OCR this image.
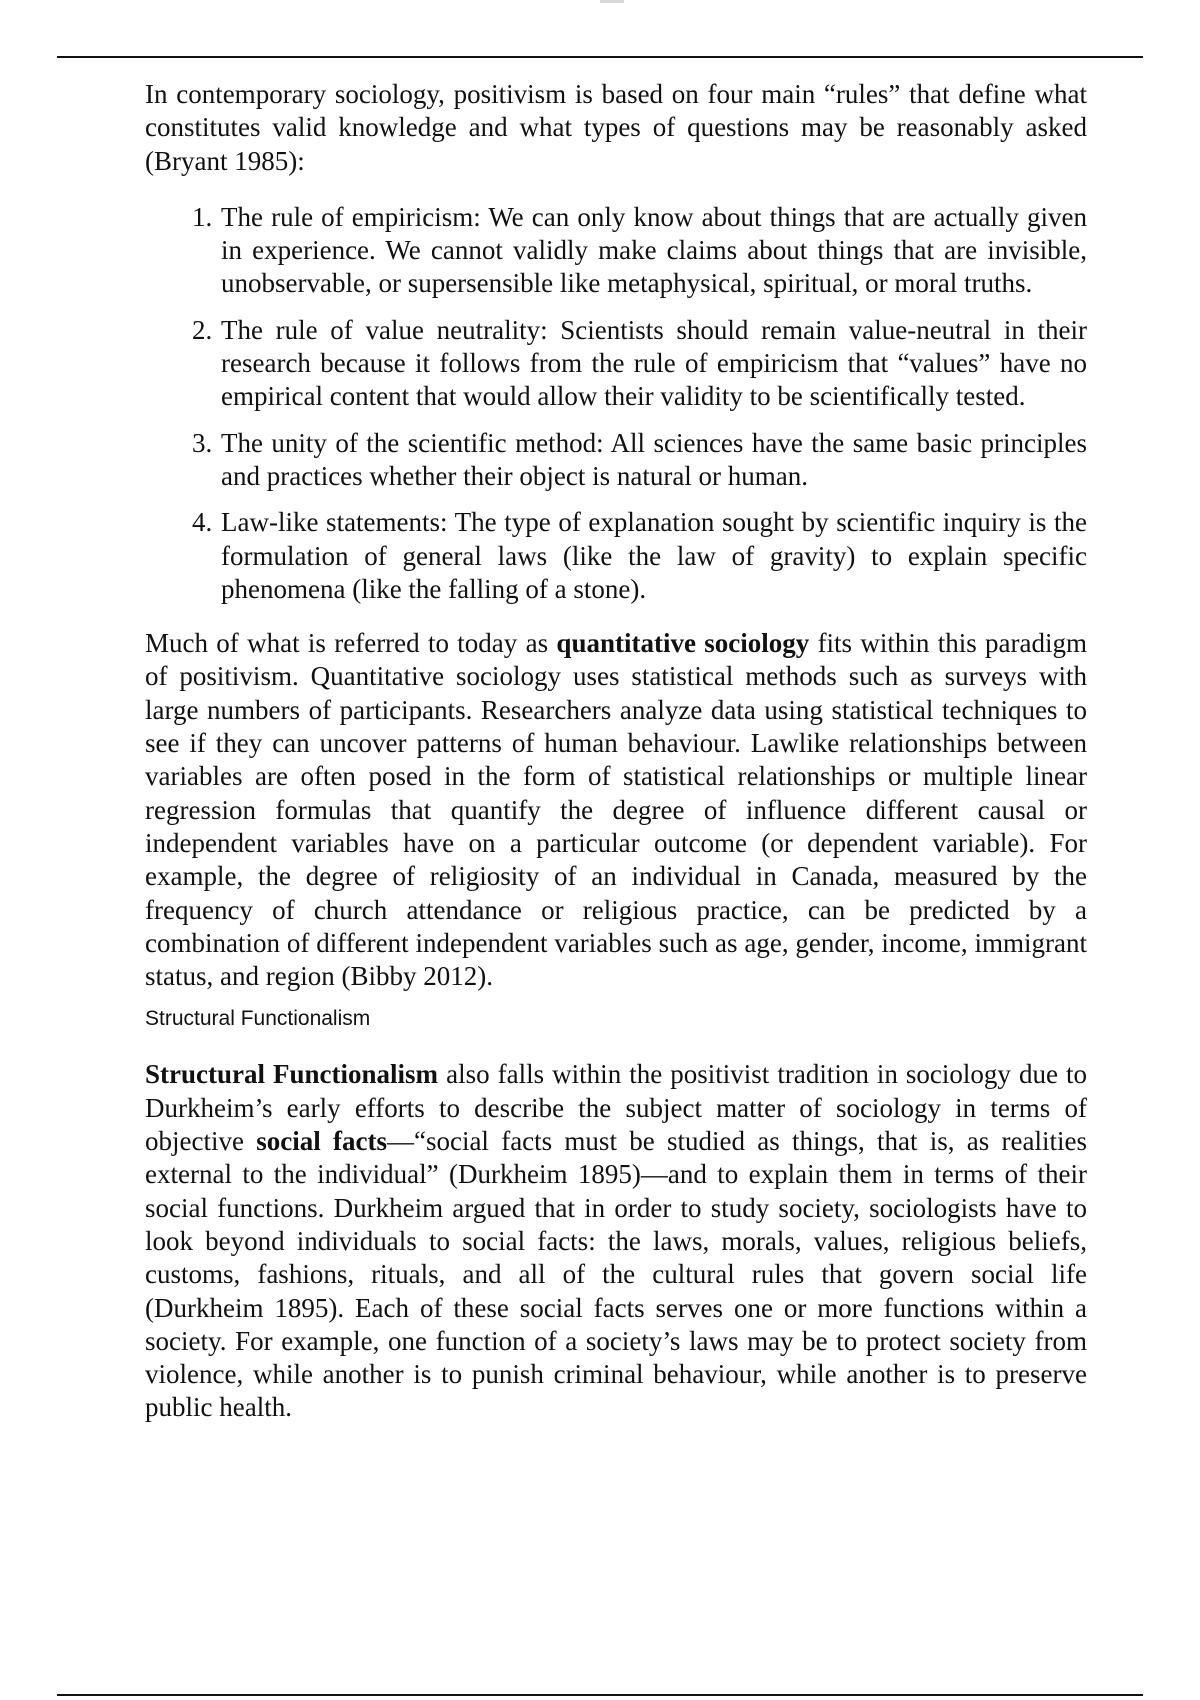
In contemporary sociology, positivism is based on four main “rules” that define what constitutes valid knowledge and what types of questions may be reasonably asked (Bryant 1985):

1. The rule of empiricism: We can only know about things that are actually given in experience. We cannot validly make claims about things that are invisible, unobservable, or supersensible like metaphysical, spiritual, or moral truths.
2. The rule of value neutrality: Scientists should remain value-neutral in their research because it follows from the rule of empiricism that “values” have no empirical content that would allow their validity to be scientifically tested.
3. The unity of the scientific method: All sciences have the same basic principles and practices whether their object is natural or human.
4. Law-like statements: The type of explanation sought by scientific inquiry is the formulation of general laws (like the law of gravity) to explain specific phenomena (like the falling of a stone).

Much of what is referred to today as quantitative sociology fits within this paradigm of positivism. Quantitative sociology uses statistical methods such as surveys with large numbers of participants. Researchers analyze data using statistical techniques to see if they can uncover patterns of human behaviour. Lawlike relationships between variables are often posed in the form of statistical relationships or multiple linear regression formulas that quantify the degree of influence different causal or independent variables have on a particular outcome (or dependent variable). For example, the degree of religiosity of an individual in Canada, measured by the frequency of church attendance or religious practice, can be predicted by a combination of different independent variables such as age, gender, income, immigrant status, and region (Bibby 2012).

Structural Functionalism

Structural Functionalism also falls within the positivist tradition in sociology due to Durkheim’s early efforts to describe the subject matter of sociology in terms of objective social facts—“social facts must be studied as things, that is, as realities external to the individual” (Durkheim 1895)—and to explain them in terms of their social functions. Durkheim argued that in order to study society, sociologists have to look beyond individuals to social facts: the laws, morals, values, religious beliefs, customs, fashions, rituals, and all of the cultural rules that govern social life (Durkheim 1895). Each of these social facts serves one or more functions within a society. For example, one function of a society’s laws may be to protect society from violence, while another is to punish criminal behaviour, while another is to preserve public health.
